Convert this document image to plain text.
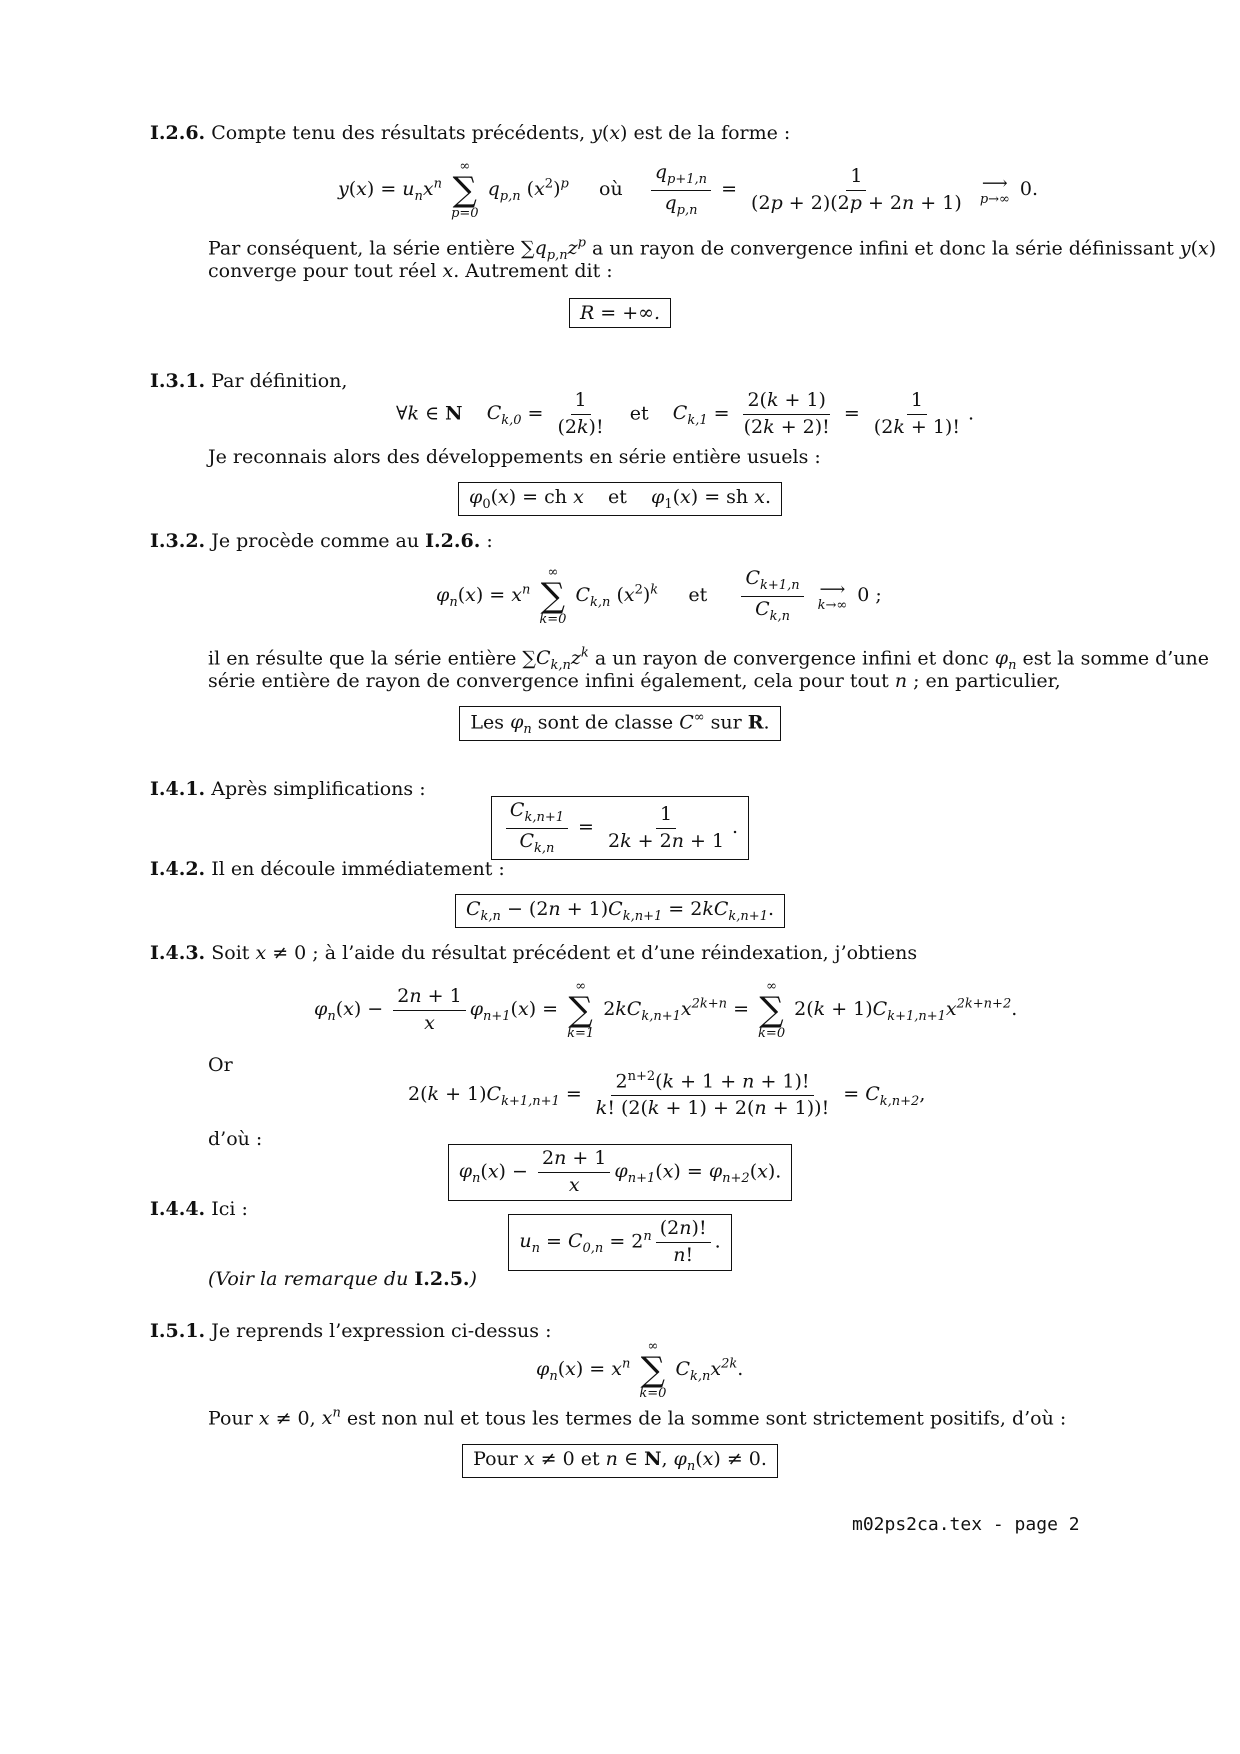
I.2.6. Compte tenu des résultats précédents, y(x) est de la forme :
$y(x) = u_nx^n$
∞
∑
p=0
$q_{p,n}$ $(x^2)^p$ où $\frac{q_{p+1,n}}{q_{p,n}} = \frac{1}{(2p + 2)(2p + 2n + 1)}$
⟶
p→∞ 0.
Par conséquent, la série entière $\sum q_{p,n}z^p$ a un rayon de convergence infini et donc la série définissant y(x)
converge pour tout réel x. Autrement dit :
R = +∞.
I.3.1. Par définition,
∀k ∈ N $C_{k,0} = \frac{1}{(2k)!}$ et $C_{k,1} = \frac{2(k + 1)}{(2k + 2)!} = \frac{1}{(2k + 1)!}$ .
Je reconnais alors des développements en série entière usuels :
$\varphi_0(x)$ = ch x et $\varphi_1(x)$ = sh x.
I.3.2. Je procède comme au I.2.6. :
$\varphi_n(x) = x^n$
∞
∑
k=0
$C_{k,n}$ $(x^2)^k$ et $\frac{C_{k+1,n}}{C_{k,n}}$
⟶
k→∞ 0 ;
il en résulte que la série entière $\sum C_{k,n}z^k$ a un rayon de convergence infini et donc $\varphi_n$ est la somme d’une
série entière de rayon de convergence infini également, cela pour tout n ; en particulier,
Les $\varphi_n$ sont de classe C∞ sur R.
I.4.1. Après simplifications :
$\frac{C_{k,n+1}}{C_{k,n}} = \frac{1}{2k + 2n + 1}$ .
I.4.2. Il en découle immédiatement :
$C_{k,n} - (2n + 1)C_{k,n+1} = 2kC_{k,n+1}$.
I.4.3. Soit x ≠ 0 ; à l’aide du résultat précédent et d’une réindexation, j’obtiens
$\varphi_n(x) - \frac{2n + 1}{x} \varphi_{n+1}(x)$ =
∞
∑
k=1
$2kC_{k,n+1}x^{2k+n}$ =
∞
∑
k=0
$2(k + 1)C_{k+1,n+1}x^{2k+n+2}$.
Or
$2(k + 1)C_{k+1,n+1} = \frac{2^{n+2}(k + 1 + n + 1)!}{k! (2(k + 1) + 2(n + 1))!} = C_{k,n+2}$,
d’où :
$\varphi_n(x) - \frac{2n + 1}{x} \varphi_{n+1}(x) = \varphi_{n+2}(x)$.
I.4.4. Ici :
$u_n = C_{0,n} = 2^n \frac{(2n)!}{n!}$ .
(Voir la remarque du I.2.5.)
I.5.1. Je reprends l’expression ci-dessus :
$\varphi_n(x) = x^n$
∞
∑
k=0
$C_{k,n}x^{2k}$.
Pour x ≠ 0, $x^n$ est non nul et tous les termes de la somme sont strictement positifs, d’où :
Pour x ≠ 0 et n ∈ N, $\varphi_n(x) \ne 0$.
m02ps2ca.tex - page 2
